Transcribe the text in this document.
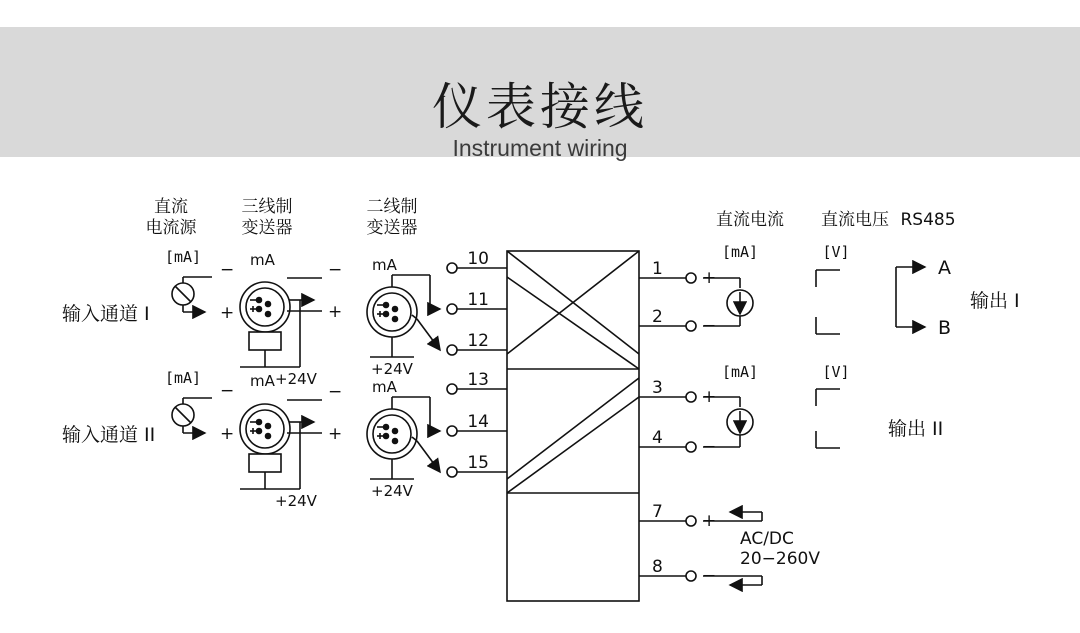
仪表接线
Instrument wiring
直流
电流源
三线制
变送器
二线制
变送器	直流电流 直流电压 RS485
输入通道 I
输入通道 II
[mA]
[mA]
−
+
−
+
mA
mA
−
+
−
+
+24V
+24V
mA
mA
+24V
+24V
10
11
12
13
14
15
1
2
3
4
7
8
+
−
+
−
+
−
[mA]
[mA]
[V]
[V]
A
B
输出 I
输出 II
AC/DC
20−260V
